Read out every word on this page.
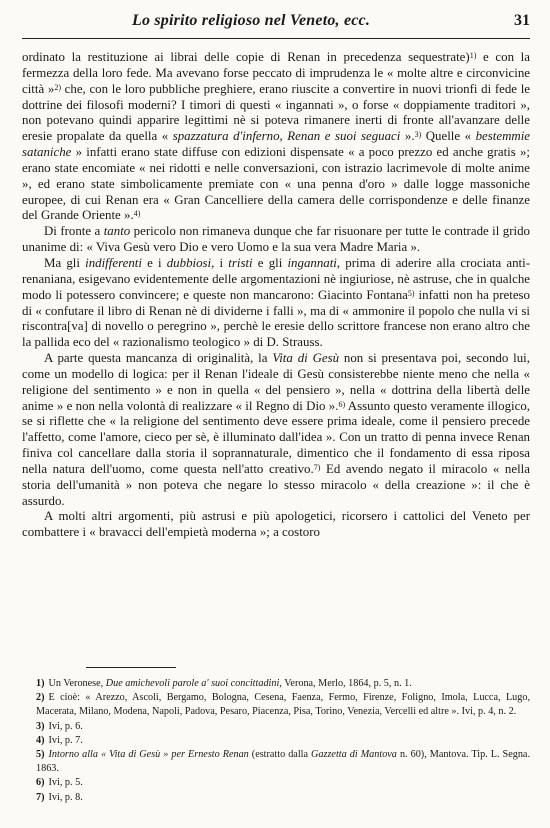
Lo spirito religioso nel Veneto, ecc.	31

ordinato la restituzione ai librai delle copie di Renan in precedenza sequestrate)$^{1)}$ e con la fermezza della loro fede. Ma avevano forse peccato di imprudenza le « molte altre e circonvicine città »$^{2)}$ che, con le loro pubbliche preghiere, erano riuscite a convertire in nuovi trionfi di fede le dottrine dei filosofi moderni? I timori di questi « ingannati », o forse « doppiamente traditori », non potevano quindi apparire legittimi nè si poteva rimanere inerti di fronte all'avanzare delle eresie propalate da quella « spazzatura d'inferno, Renan e suoi seguaci ».$^{3)}$ Quelle « bestemmie sataniche » infatti erano state diffuse con edizioni dispensate « a poco prezzo ed anche gratis »; erano state encomiate « nei ridotti e nelle conversazioni, con istrazio lacrimevole di molte anime », ed erano state simbolicamente premiate con « una penna d'oro » dalle logge massoniche europee, di cui Renan era « Gran Cancelliere della camera delle corrispondenze e delle finanze del Grande Oriente ».$^{4)}$

Di fronte a tanto pericolo non rimaneva dunque che far risuonare per tutte le contrade il grido unanime di: « Viva Gesù vero Dio e vero Uomo e la sua vera Madre Maria ».

Ma gli indifferenti e i dubbiosi, i tristi e gli ingannati, prima di aderire alla crociata anti-renaniana, esigevano evidentemente delle argomentazioni nè ingiuriose, nè astruse, che in qualche modo li potessero convincere; e queste non mancarono: Giacinto Fontana$^{5)}$ infatti non ha preteso di « confutare il libro di Renan nè di dividerne i falli », ma di « ammonire il popolo che nulla vi si riscontra[va] di novello o peregrino », perchè le eresie dello scrittore francese non erano altro che la pallida eco del « razionalismo teologico » di D. Strauss.

A parte questa mancanza di originalità, la Vita di Gesù non si presentava poi, secondo lui, come un modello di logica: per il Renan l'ideale di Gesù consisterebbe niente meno che nella « religione del sentimento » e non in quella « del pensiero », nella « dottrina della libertà delle anime » e non nella volontà di realizzare « il Regno di Dio ».$^{6)}$ Assunto questo veramente illogico, se si riflette che « la religione del sentimento deve essere prima ideale, come il pensiero precede l'affetto, come l'amore, cieco per sè, è illuminato dall'idea ». Con un tratto di penna invece Renan finiva col cancellare dalla storia il soprannaturale, dimentico che il fondamento di essa riposa nella natura dell'uomo, come questa nell'atto creativo.$^{7)}$ Ed avendo negato il miracolo « nella storia dell'umanità » non poteva che negare lo stesso miracolo « della creazione »: il che è assurdo.

A molti altri argomenti, più astrusi e più apologetici, ricorsero i cattolici del Veneto per combattere i « bravacci dell'empietà moderna »; a costoro

1) Un Veronese, Due amichevoli parole a' suoi concittadini, Verona, Merlo, 1864, p. 5, n. 1.

2) E cioè: « Arezzo, Ascoli, Bergamo, Bologna, Cesena, Faenza, Fermo, Firenze, Foligno, Imola, Lucca, Lugo, Macerata, Milano, Modena, Napoli, Padova, Pesaro, Piacenza, Pisa, Torino, Venezia, Vercelli ed altre ». Ivi, p. 4, n. 2.

3) Ivi, p. 6.

4) Ivi, p. 7.

5) Intorno alla « Vita di Gesù » per Ernesto Renan (estratto dalla Gazzetta di Mantova n. 60), Mantova. Tip. L. Segna. 1863.

6) Ivi, p. 5.

7) Ivi, p. 8.
